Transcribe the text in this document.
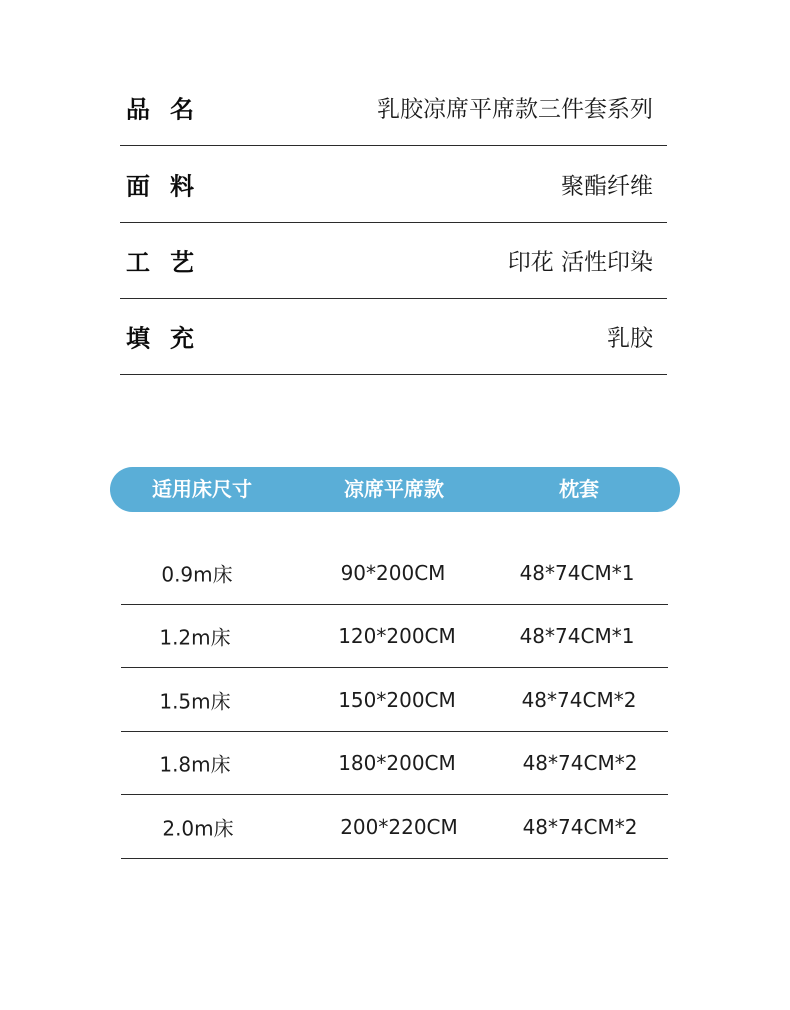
品名	乳胶凉席平席款三件套系列
面料	聚酯纤维
工艺	印花 活性印染
填充	乳胶
适用床尺寸	凉席平席款	枕套
0.9m床	90*200CM	48*74CM*1
1.2m床	120*200CM	48*74CM*1
1.5m床	150*200CM	48*74CM*2
1.8m床	180*200CM	48*74CM*2
2.0m床	200*220CM	48*74CM*2
